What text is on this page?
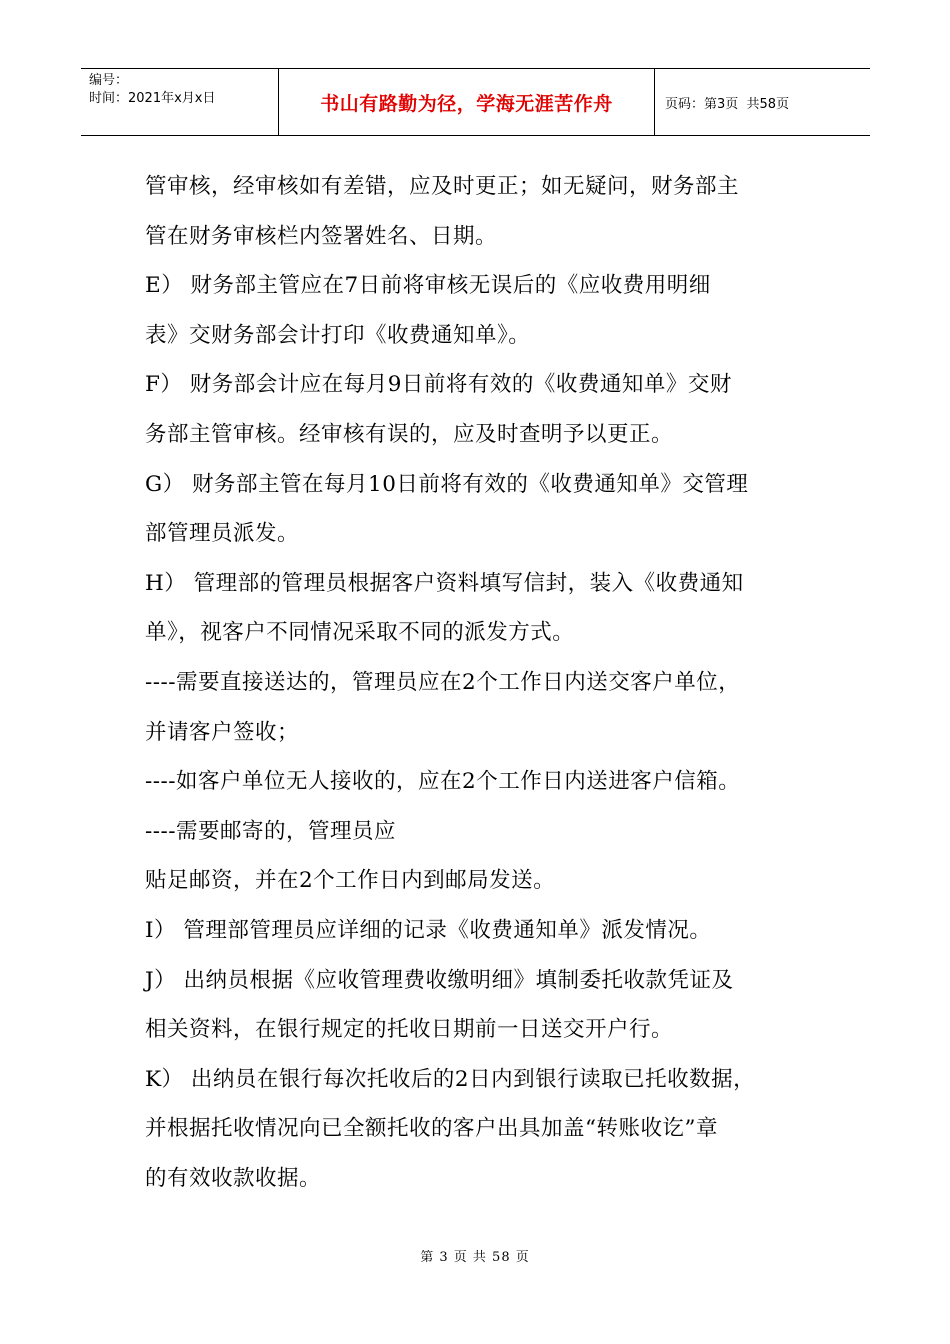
编号：
时间：2021年x月x日	书山有路勤为径，学海无涯苦作舟	页码：第3页  共58页
管审核，经审核如有差错，应及时更正；如无疑问，财务部主
管在财务审核栏内签署姓名、日期。
E） 财务部主管应在7日前将审核无误后的《应收费用明细
表》交财务部会计打印《收费通知单》。
F） 财务部会计应在每月9日前将有效的《收费通知单》交财
务部主管审核。经审核有误的，应及时查明予以更正。
G） 财务部主管在每月10日前将有效的《收费通知单》交管理
部管理员派发。
H） 管理部的管理员根据客户资料填写信封，装入《收费通知
单》，视客户不同情况采取不同的派发方式。
----需要直接送达的，管理员应在2个工作日内送交客户单位，
并请客户签收；
----如客户单位无人接收的，应在2个工作日内送进客户信箱。
----需要邮寄的，管理员应
贴足邮资，并在2个工作日内到邮局发送。
I） 管理部管理员应详细的记录《收费通知单》派发情况。
J） 出纳员根据《应收管理费收缴明细》填制委托收款凭证及
相关资料，在银行规定的托收日期前一日送交开户行。
K） 出纳员在银行每次托收后的2日内到银行读取已托收数据，
并根据托收情况向已全额托收的客户出具加盖“转账收讫”章
的有效收款收据。
第 3 页 共 58 页
